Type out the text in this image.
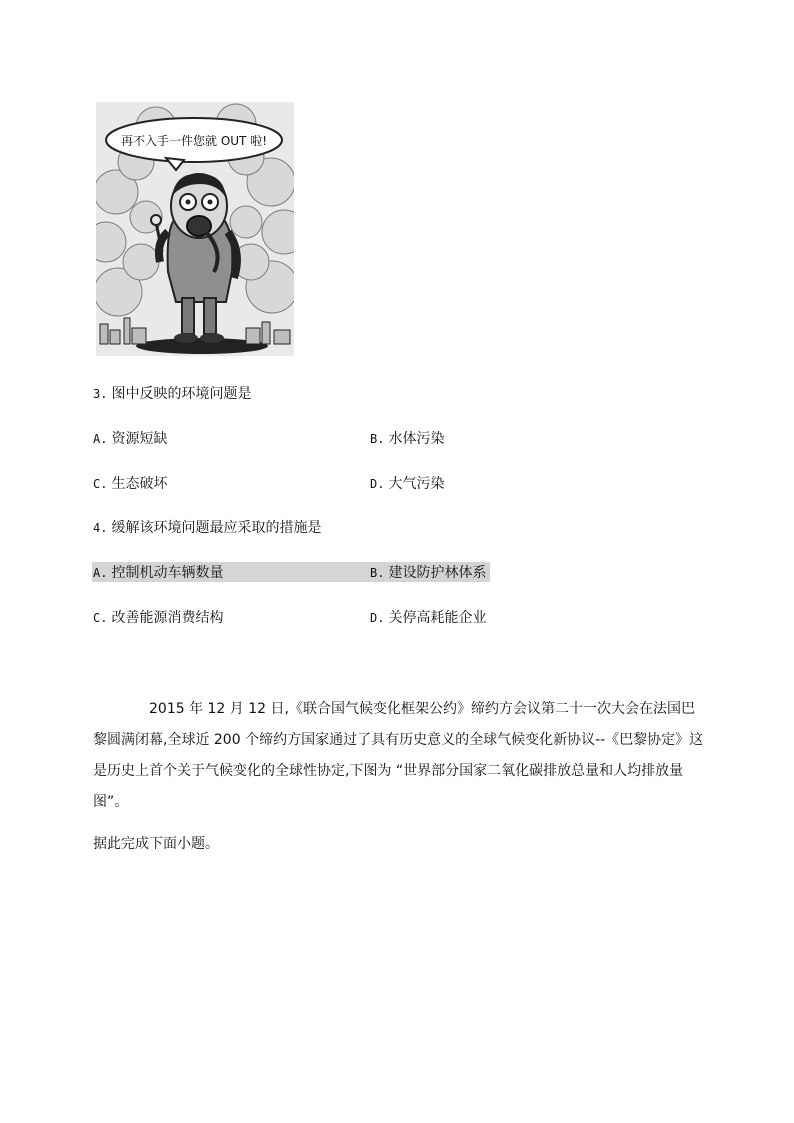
再不入手一件您就 OUT 啦!
3. 图中反映的环境问题是
A. 资源短缺	B. 水体污染
C. 生态破坏	D. 大气污染
4. 缓解该环境问题最应采取的措施是
A. 控制机动车辆数量	B. 建设防护林体系
C. 改善能源消费结构	D. 关停高耗能企业
2015 年 12 月 12 日,《联合国气候变化框架公约》缔约方会议第二十一次大会在法国巴黎圆满闭幕,全球近 200 个缔约方国家通过了具有历史意义的全球气候变化新协议--《巴黎协定》这是历史上首个关于气候变化的全球性协定,下图为 “世界部分国家二氧化碳排放总量和人均排放量图”。
据此完成下面小题。
